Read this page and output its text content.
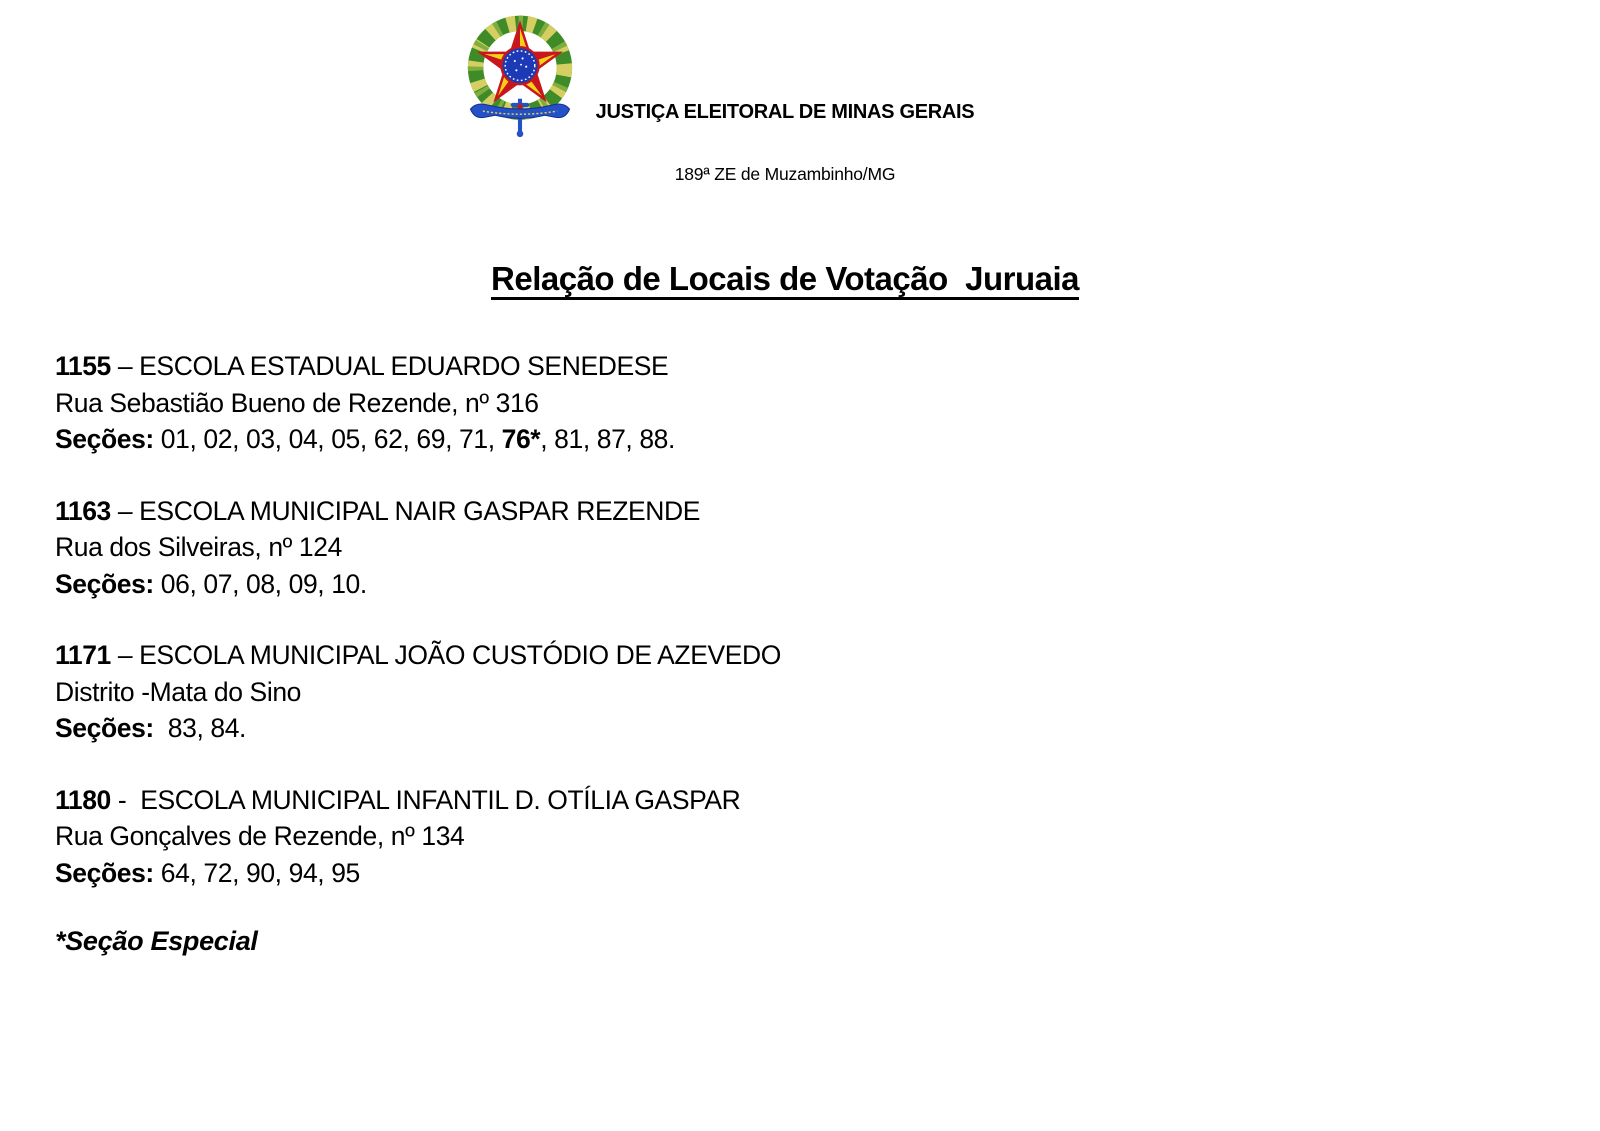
JUSTIÇA ELEITORAL DE MINAS GERAIS

189ª ZE de Muzambinho/MG

Relação de Locais de Votação  Juruaia
1155 – ESCOLA ESTADUAL EDUARDO SENEDESE
Rua Sebastião Bueno de Rezende, nº 316
Seções: 01, 02, 03, 04, 05, 62, 69, 71, 76*, 81, 87, 88.
1163 – ESCOLA MUNICIPAL NAIR GASPAR REZENDE
Rua dos Silveiras, nº 124
Seções: 06, 07, 08, 09, 10.
1171 – ESCOLA MUNICIPAL JOÃO CUSTÓDIO DE AZEVEDO
Distrito -Mata do Sino
Seções:  83, 84.
1180 -  ESCOLA MUNICIPAL INFANTIL D. OTÍLIA GASPAR
Rua Gonçalves de Rezende, nº 134
Seções: 64, 72, 90, 94, 95
*Seção Especial
